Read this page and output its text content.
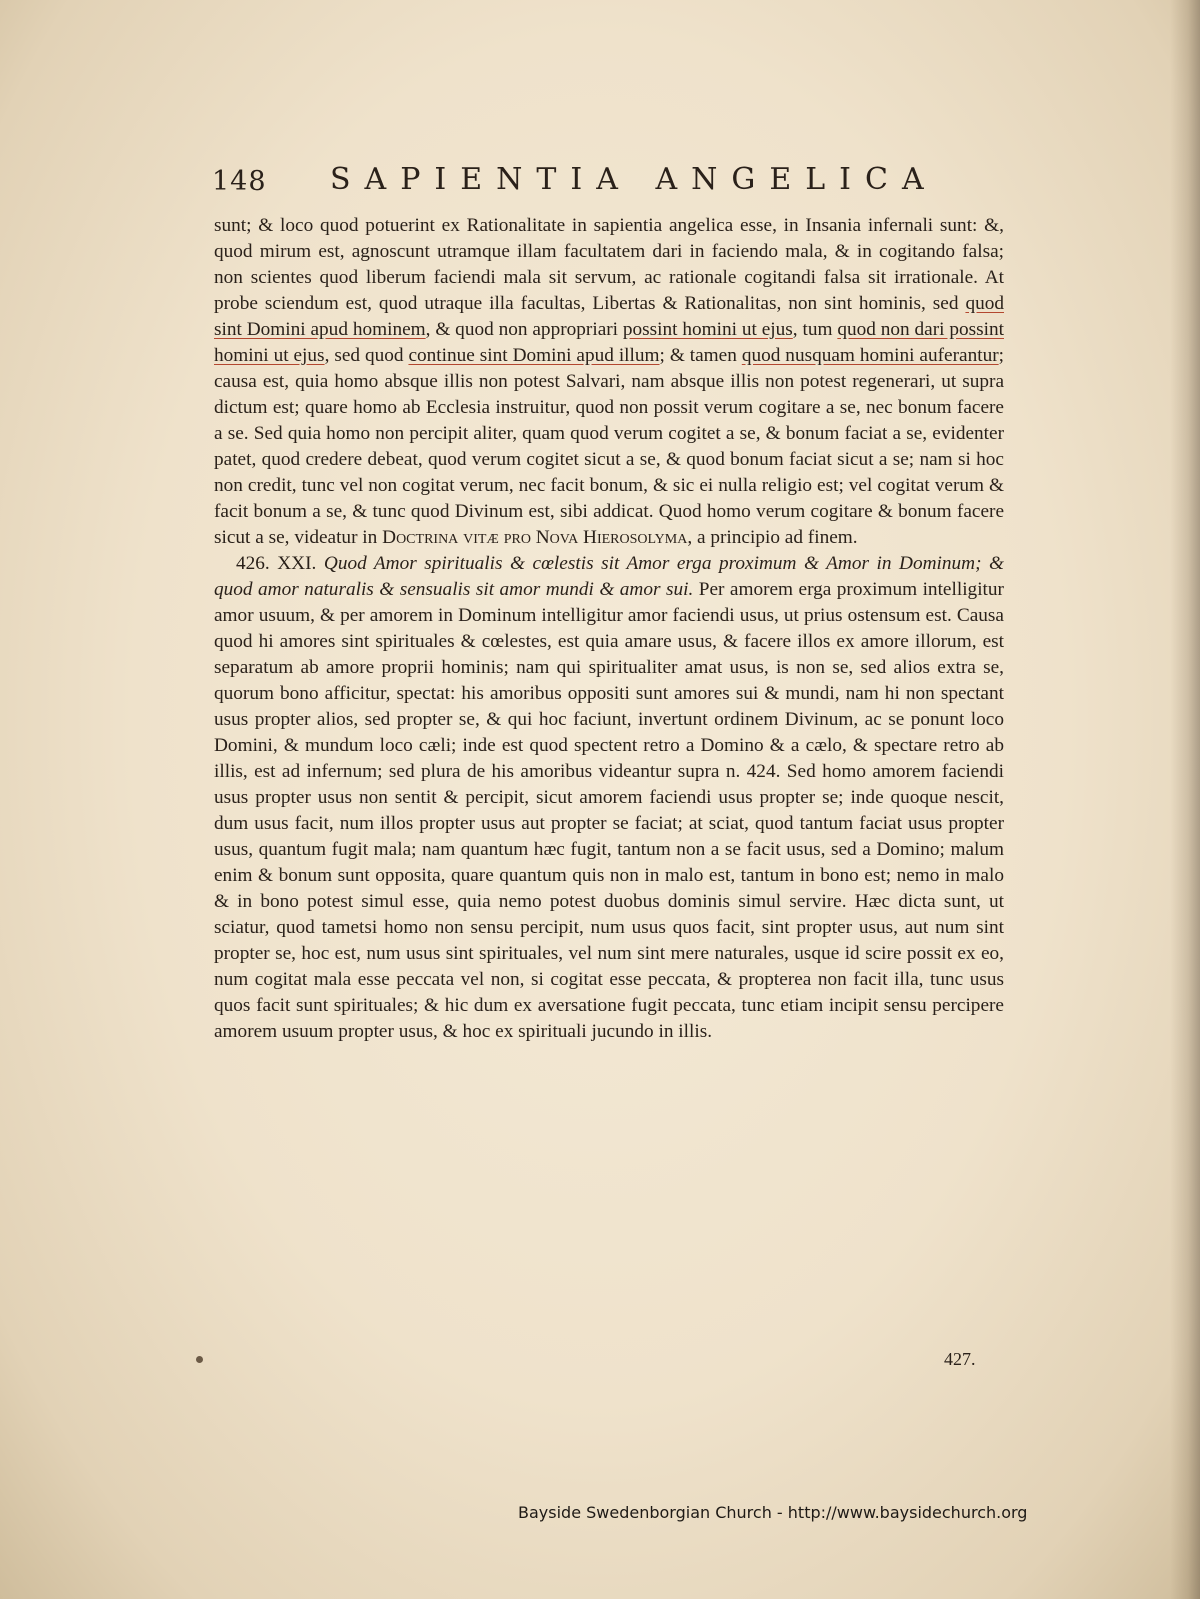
148 SAPIENTIA ANGELICA

sunt; & loco quod potuerint ex Rationalitate in sapientia angelica esse, in Insania infernali sunt: &, quod mirum est, agnoscunt utramque illam facultatem dari in faciendo mala, & in cogitando falsa; non scientes quod liberum faciendi mala sit servum, ac rationale cogitandi falsa sit irrationale. At probe sciendum est, quod utraque illa facultas, Libertas & Rationalitas, non sint hominis, sed quod sint Domini apud hominem, & quod non appropriari possint homini ut ejus, tum quod non dari possint homini ut ejus, sed quod continue sint Domini apud illum; & tamen quod nusquam homini auferantur; causa est, quia homo absque illis non potest Salvari, nam absque illis non potest regenerari, ut supra dictum est; quare homo ab Ecclesia instruitur, quod non possit verum cogitare a se, nec bonum facere a se. Sed quia homo non percipit aliter, quam quod verum cogitet a se, & bonum faciat a se, evidenter patet, quod credere debeat, quod verum cogitet sicut a se, & quod bonum faciat sicut a se; nam si hoc non credit, tunc vel non cogitat verum, nec facit bonum, & sic ei nulla religio est; vel cogitat verum & facit bonum a se, & tunc quod Divinum est, sibi addicat. Quod homo verum cogitare & bonum facere sicut a se, videatur in Doctrina vitæ pro Nova Hierosolyma, a principio ad finem.

426. XXI. Quod Amor spiritualis & cœlestis sit Amor erga proximum & Amor in Dominum; & quod amor naturalis & sensualis sit amor mundi & amor sui. Per amorem erga proximum intelligitur amor usuum, & per amorem in Dominum intelligitur amor faciendi usus, ut prius ostensum est. Causa quod hi amores sint spirituales & cœlestes, est quia amare usus, & facere illos ex amore illorum, est separatum ab amore proprii hominis; nam qui spiritualiter amat usus, is non se, sed alios extra se, quorum bono afficitur, spectat: his amoribus oppositi sunt amores sui & mundi, nam hi non spectant usus propter alios, sed propter se, & qui hoc faciunt, invertunt ordinem Divinum, ac se ponunt loco Domini, & mundum loco cæli; inde est quod spectent retro a Domino & a cælo, & spectare retro ab illis, est ad infernum; sed plura de his amoribus videantur supra n. 424. Sed homo amorem faciendi usus propter usus non sentit & percipit, sicut amorem faciendi usus propter se; inde quoque nescit, dum usus facit, num illos propter usus aut propter se faciat; at sciat, quod tantum faciat usus propter usus, quantum fugit mala; nam quantum hæc fugit, tantum non a se facit usus, sed a Domino; malum enim & bonum sunt opposita, quare quantum quis non in malo est, tantum in bono est; nemo in malo & in bono potest simul esse, quia nemo potest duobus dominis simul servire. Hæc dicta sunt, ut sciatur, quod tametsi homo non sensu percipit, num usus quos facit, sint propter usus, aut num sint propter se, hoc est, num usus sint spirituales, vel num sint mere naturales, usque id scire possit ex eo, num cogitat mala esse peccata vel non, si cogitat esse peccata, & propterea non facit illa, tunc usus quos facit sunt spirituales; & hic dum ex aversatione fugit peccata, tunc etiam incipit sensu percipere amorem usuum propter usus, & hoc ex spirituali jucundo in illis.

427.
Bayside Swedenborgian Church - http://www.baysidechurch.org
